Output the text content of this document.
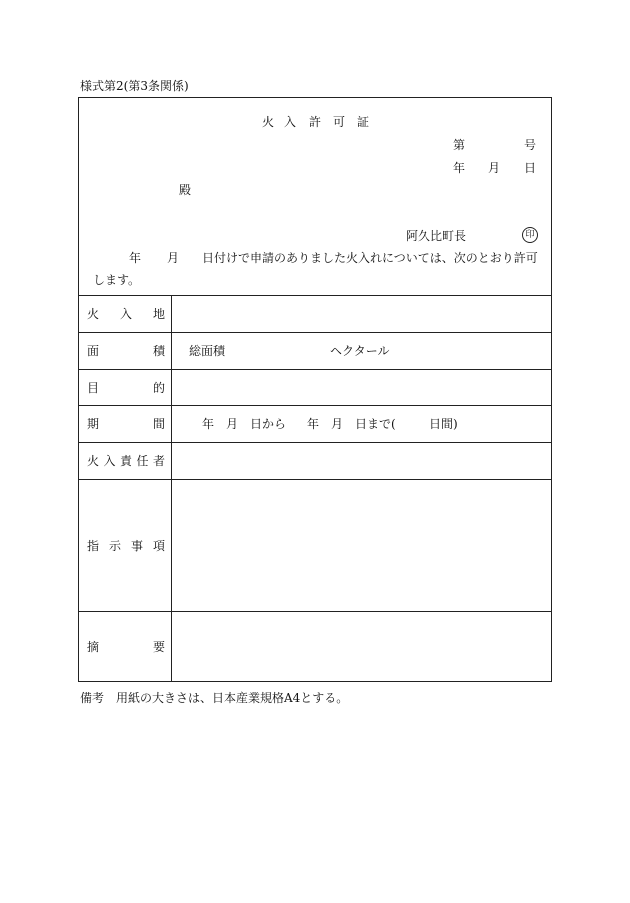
様式第2(第3条関係)
火 入 許 可 証
第	号
年 月 日
殿
阿久比町長	印
年 月 日付けで申請のありました火入れについては、次のとおり許可
します。
火 入 地
面	積 総面積	ヘクタール
目	的
期	間	年 月 日から 年 月 日まで(	日間)
火 入 責 任 者
指 示 事 項
摘	要
備考　用紙の大きさは、日本産業規格A4とする。
